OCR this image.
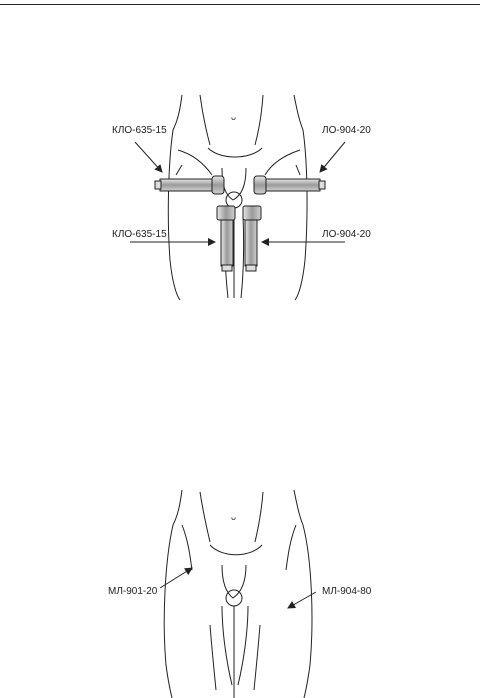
ᴗ
КЛО-635-15	ЛО-904-20
КЛО-635-15	ЛО-904-20
ᴗ
МЛ-901-20	МЛ-904-80
